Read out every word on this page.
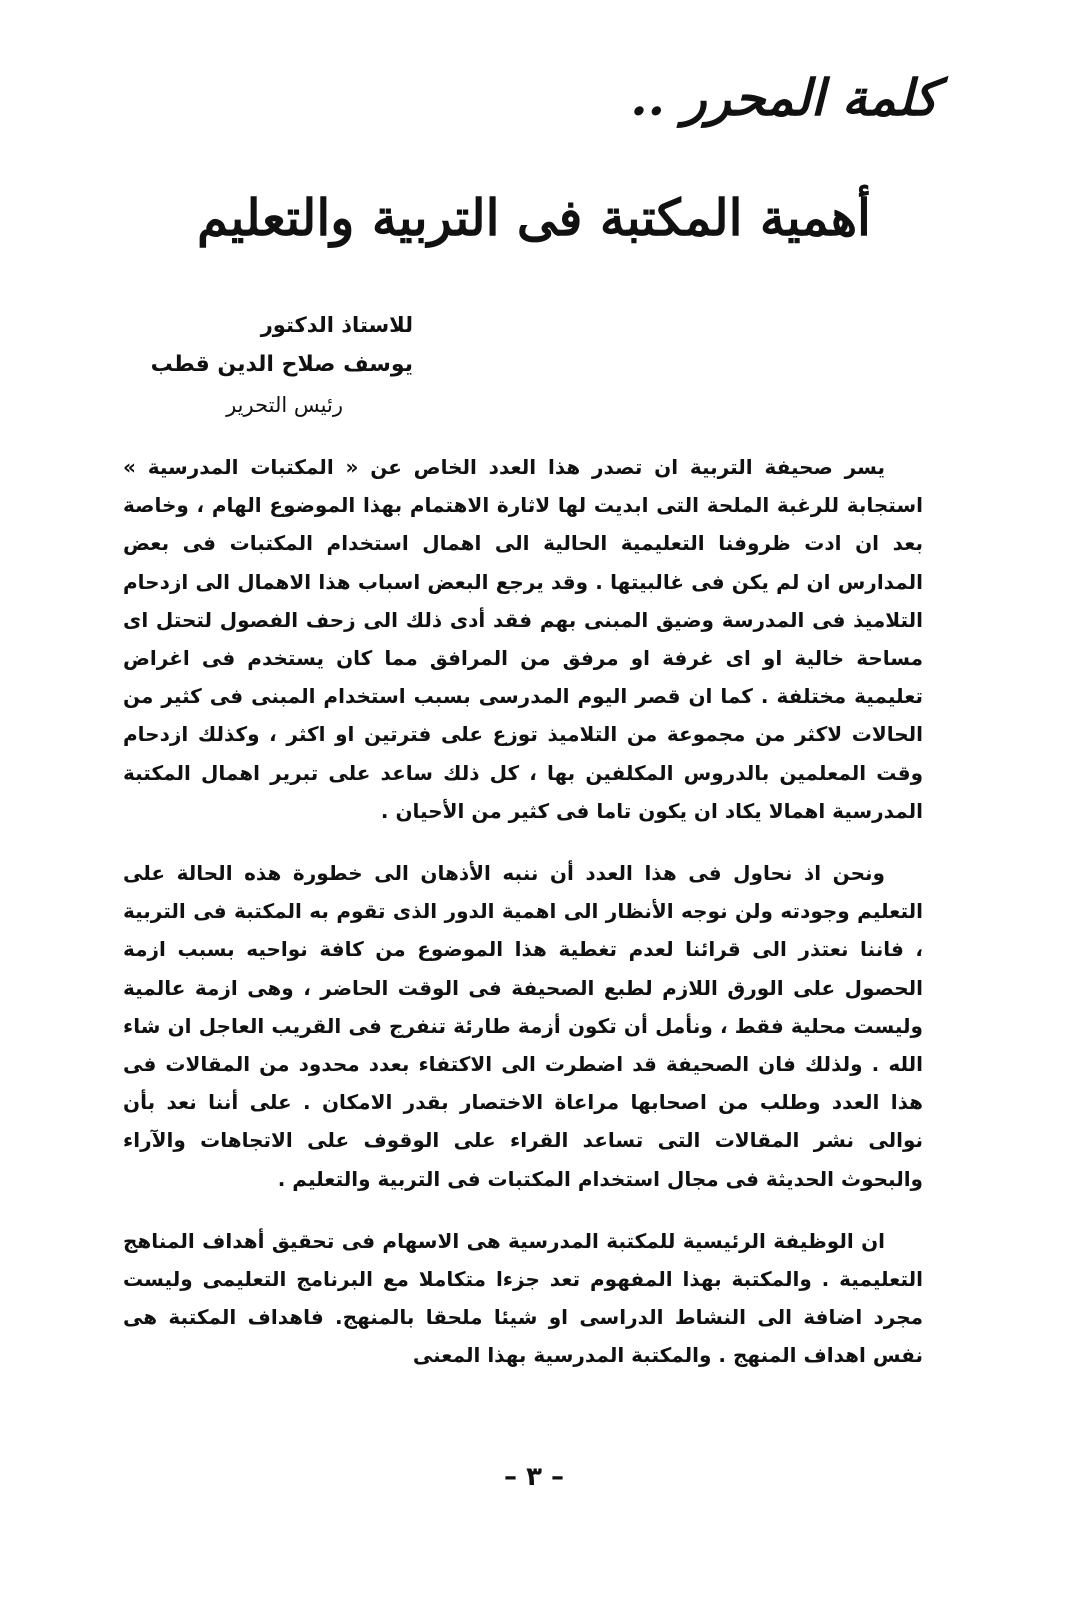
كلمة المحرر ..
أهمية المكتبة فى التربية والتعليم
للاستاذ الدكتور
يوسف صلاح الدين قطب
رئيس التحرير

يسر صحيفة التربية ان تصدر هذا العدد الخاص عن « المكتبات المدرسية » استجابة للرغبة الملحة التى ابديت لها لاثارة الاهتمام بهذا الموضوع الهام ، وخاصة بعد ان ادت ظروفنا التعليمية الحالية الى اهمال استخدام المكتبات فى بعض المدارس ان لم يكن فى غالبيتها . وقد يرجع البعض اسباب هذا الاهمال الى ازدحام التلاميذ فى المدرسة وضيق المبنى بهم فقد أدى ذلك الى زحف الفصول لتحتل اى مساحة خالية او اى غرفة او مرفق من المرافق مما كان يستخدم فى اغراض تعليمية مختلفة . كما ان قصر اليوم المدرسى بسبب استخدام المبنى فى كثير من الحالات لاكثر من مجموعة من التلاميذ توزع على فترتين او اكثر ، وكذلك ازدحام وقت المعلمين بالدروس المكلفين بها ، كل ذلك ساعد على تبرير اهمال المكتبة المدرسية اهمالا يكاد ان يكون تاما فى كثير من الأحيان .

ونحن اذ نحاول فى هذا العدد أن ننبه الأذهان الى خطورة هذه الحالة على التعليم وجودته ولن نوجه الأنظار الى اهمية الدور الذى تقوم به المكتبة فى التربية ، فاننا نعتذر الى قرائنا لعدم تغطية هذا الموضوع من كافة نواحيه بسبب ازمة الحصول على الورق اللازم لطبع الصحيفة فى الوقت الحاضر ، وهى ازمة عالمية وليست محلية فقط ، ونأمل أن تكون أزمة طارئة تنفرج فى القريب العاجل ان شاء الله . ولذلك فان الصحيفة قد اضطرت الى الاكتفاء بعدد محدود من المقالات فى هذا العدد وطلب من اصحابها مراعاة الاختصار بقدر الامكان . على أننا نعد بأن نوالى نشر المقالات التى تساعد القراء على الوقوف على الاتجاهات والآراء والبحوث الحديثة فى مجال استخدام المكتبات فى التربية والتعليم .

ان الوظيفة الرئيسية للمكتبة المدرسية هى الاسهام فى تحقيق أهداف المناهج التعليمية . والمكتبة بهذا المفهوم تعد جزءا متكاملا مع البرنامج التعليمى وليست مجرد اضافة الى النشاط الدراسى او شيئا ملحقا بالمنهج. فاهداف المكتبة هى نفس اهداف المنهج . والمكتبة المدرسية بهذا المعنى

– ٣ –
